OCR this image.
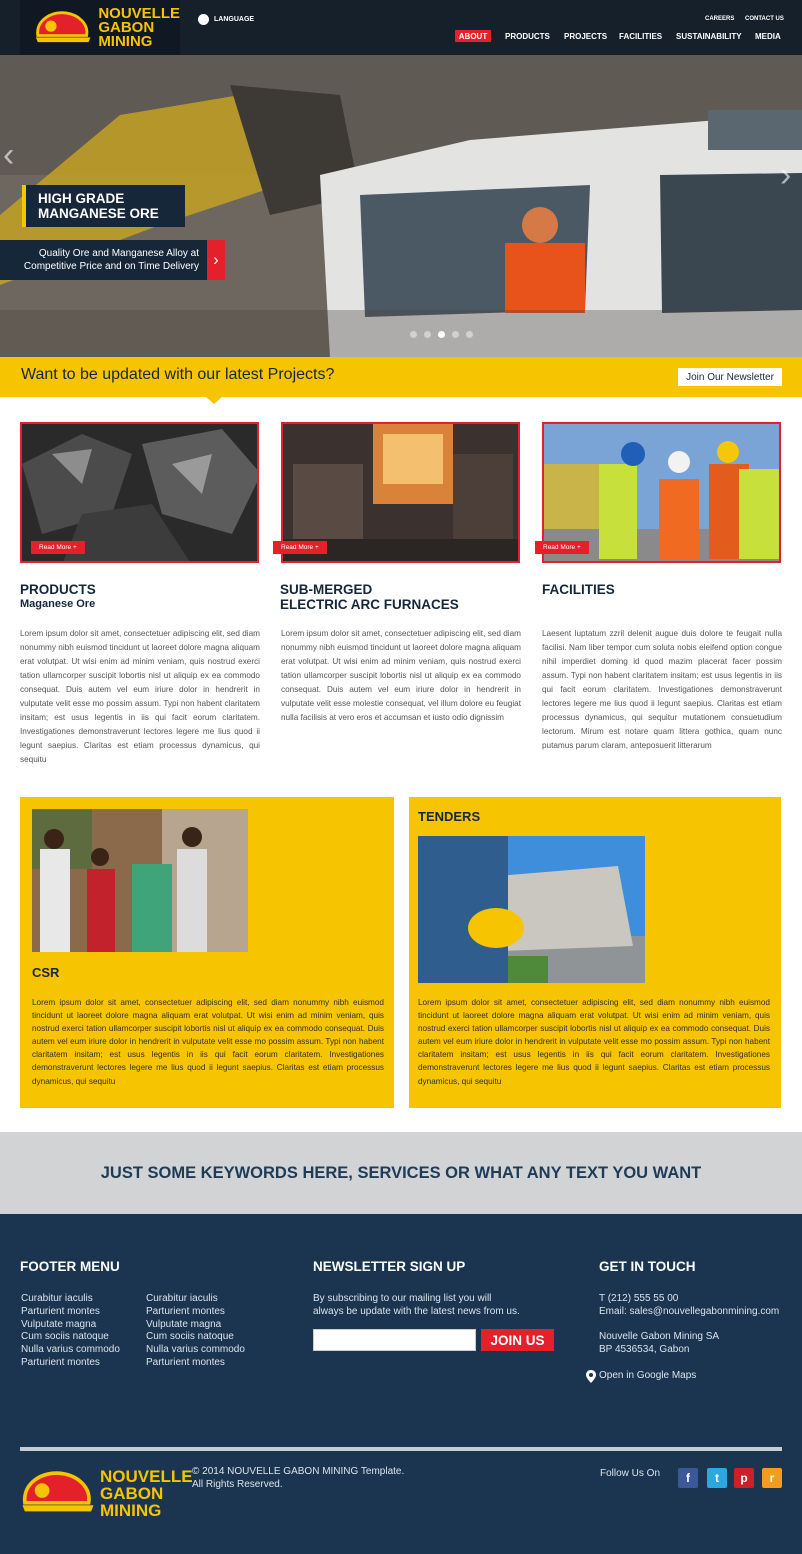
NOUVELLE
GABON
MINING
LANGUAGE	CAREERS CONTACT US
ABOUT	PRODUCTS PROJECTS FACILITIES SUSTAINABILITY MEDIA
‹
›
HIGH GRADE
MANGANESE ORE
Quality Ore and Manganese Alloy at
Competitive Price and on Time Delivery ›
Want to be updated with our latest Projects?	Join Our Newsletter
Read More +	Read More +	Read More +
PRODUCTS
Maganese Ore
SUB-MERGED
ELECTRIC ARC FURNACES
FACILITIES
Lorem ipsum dolor sit amet, consectetuer adipiscing elit, sed diam nonummy nibh euismod tincidunt ut laoreet dolore magna aliquam erat volutpat. Ut wisi enim ad minim veniam, quis nostrud exerci tation ullamcorper suscipit lobortis nisl ut aliquip ex ea commodo consequat. Duis autem vel eum iriure dolor in hendrerit in vulputate velit esse mo possim assum. Typi non habent claritatem insitam; est usus legentis in iis qui facit eorum claritatem. Investigationes demonstraverunt lectores legere me lius quod ii legunt saepius. Claritas est etiam processus dynamicus, qui sequitu
Lorem ipsum dolor sit amet, consectetuer adipiscing elit, sed diam nonummy nibh euismod tincidunt ut laoreet dolore magna aliquam erat volutpat. Ut wisi enim ad minim veniam, quis nostrud exerci tation ullamcorper suscipit lobortis nisl ut aliquip ex ea commodo consequat. Duis autem vel eum iriure dolor in hendrerit in vulputate velit esse molestie consequat, vel illum dolore eu feugiat nulla facilisis at vero eros et accumsan et iusto odio dignissim
Laesent luptatum zzril delenit augue duis dolore te feugait nulla facilisi. Nam liber tempor cum soluta nobis eleifend option congue nihil imperdiet doming id quod mazim placerat facer possim assum. Typi non habent claritatem insitam; est usus legentis in iis qui facit eorum claritatem. Investigationes demonstraverunt lectores legere me lius quod ii legunt saepius. Claritas est etiam processus dynamicus, qui sequitur mutationem consuetudium lectorum. Mirum est notare quam littera gothica, quam nunc putamus parum claram, anteposuerit litterarum
CSR
Lorem ipsum dolor sit amet, consectetuer adipiscing elit, sed diam nonummy nibh euismod tincidunt ut laoreet dolore magna aliquam erat volutpat. Ut wisi enim ad minim veniam, quis nostrud exerci tation ullamcorper suscipit lobortis nisl ut aliquip ex ea commodo consequat. Duis autem vel eum iriure dolor in hendrerit in vulputate velit esse mo possim assum. Typi non habent claritatem insitam; est usus legentis in iis qui facit eorum claritatem. Investigationes demonstraverunt lectores legere me lius quod ii legunt saepius. Claritas est etiam processus dynamicus, qui sequitu
TENDERS
Lorem ipsum dolor sit amet, consectetuer adipiscing elit, sed diam nonummy nibh euismod tincidunt ut laoreet dolore magna aliquam erat volutpat. Ut wisi enim ad minim veniam, quis nostrud exerci tation ullamcorper suscipit lobortis nisl ut aliquip ex ea commodo consequat. Duis autem vel eum iriure dolor in hendrerit in vulputate velit esse mo possim assum. Typi non habent claritatem insitam; est usus legentis in iis qui facit eorum claritatem. Investigationes demonstraverunt lectores legere me lius quod ii legunt saepius. Claritas est etiam processus dynamicus, qui sequitu
JUST SOME KEYWORDS HERE, SERVICES OR WHAT ANY TEXT YOU WANT
FOOTER MENU
Curabitur iaculis
Parturient montes
Vulputate magna
Cum sociis natoque
Nulla varius commodo
Parturient montes
Curabitur iaculis
Parturient montes
Vulputate magna
Cum sociis natoque
Nulla varius commodo
Parturient montes
NEWSLETTER SIGN UP
By subscribing to our mailing list you will
always be update with the latest news from us.
JOIN US
GET IN TOUCH
T (212) 555 55 00
Email: sales@nouvellegabonmining.com
Nouvelle Gabon Mining SA
BP 4536534, Gabon
Open in Google Maps
NOUVELLE
GABON
MINING
© 2014 NOUVELLE GABON MINING Template.
All Rights Reserved.
Follow Us On	f	t	p	r
